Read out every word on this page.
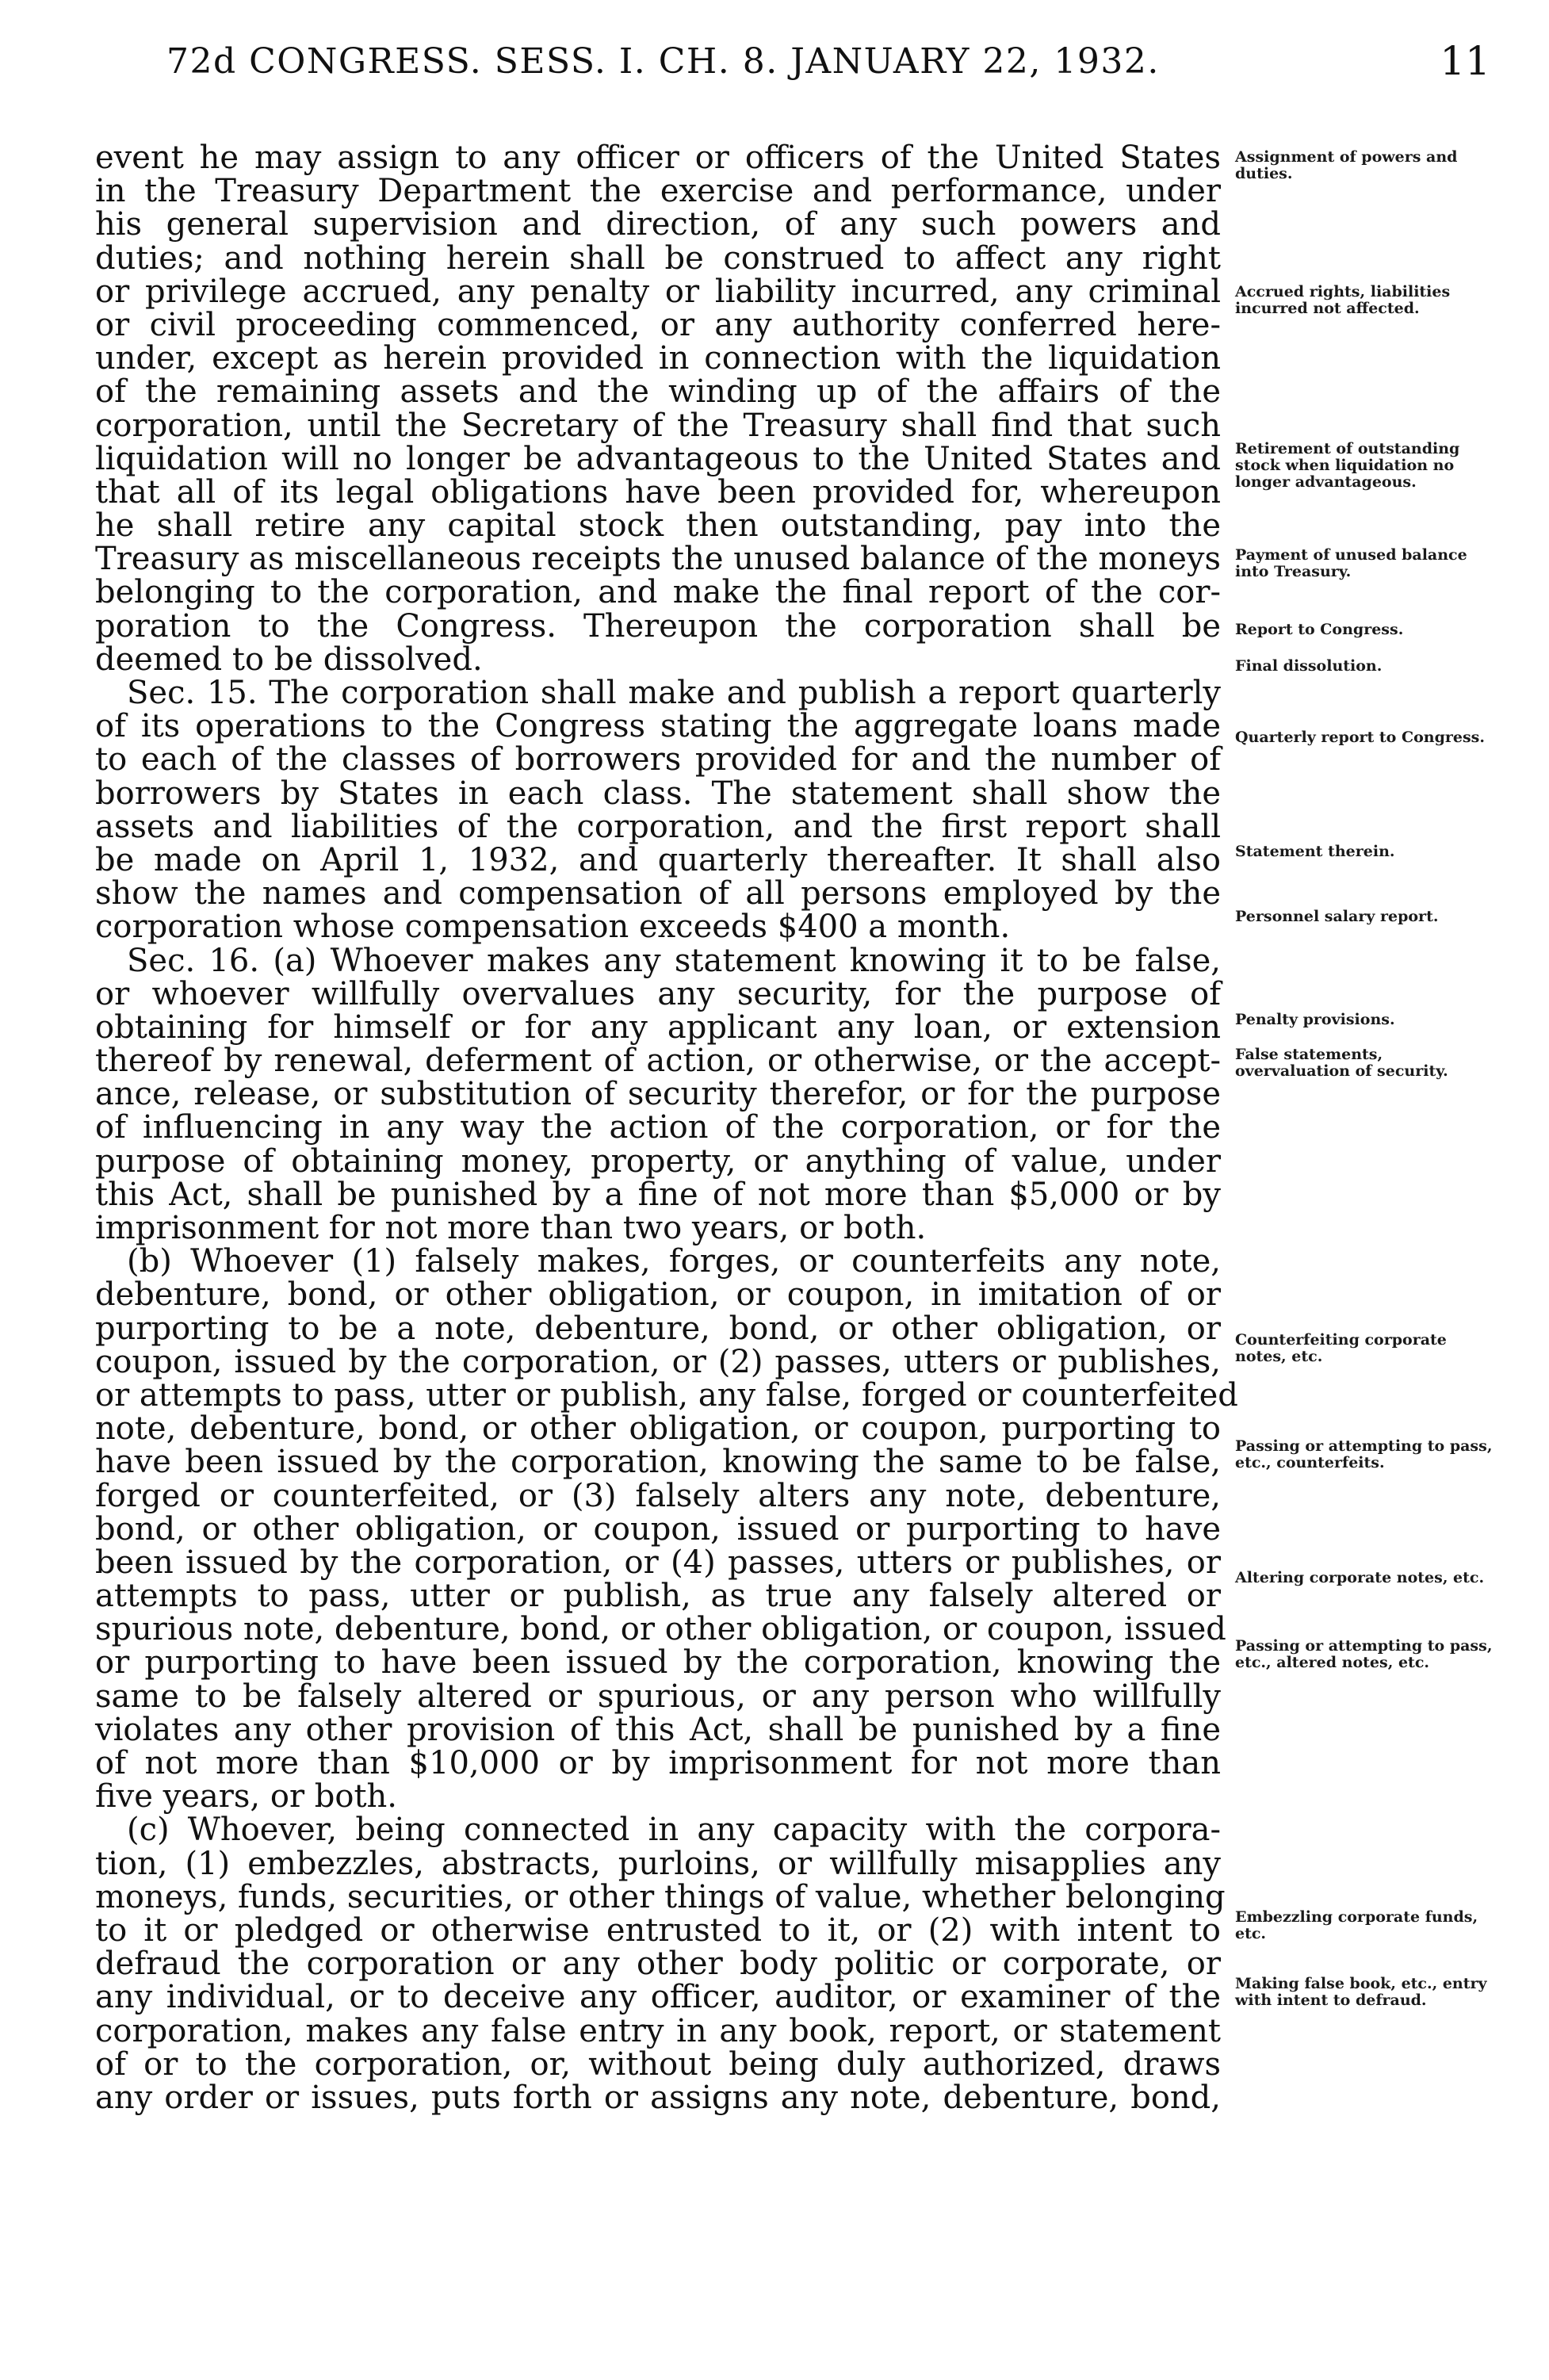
72d CONGRESS. SESS. I. CH. 8. JANUARY 22, 1932.	11
event he may assign to any officer or officers of the United States
in the Treasury Department the exercise and performance, under
his general supervision and direction, of any such powers and
duties; and nothing herein shall be construed to affect any right
or privilege accrued, any penalty or liability incurred, any criminal
or civil proceeding commenced, or any authority conferred here-
under, except as herein provided in connection with the liquidation
of the remaining assets and the winding up of the affairs of the
corporation, until the Secretary of the Treasury shall find that such
liquidation will no longer be advantageous to the United States and
that all of its legal obligations have been provided for, whereupon
he shall retire any capital stock then outstanding, pay into the
Treasury as miscellaneous receipts the unused balance of the moneys
belonging to the corporation, and make the final report of the cor-
poration to the Congress. Thereupon the corporation shall be
deemed to be dissolved.
Sec. 15. The corporation shall make and publish a report quarterly
of its operations to the Congress stating the aggregate loans made
to each of the classes of borrowers provided for and the number of
borrowers by States in each class. The statement shall show the
assets and liabilities of the corporation, and the first report shall
be made on April 1, 1932, and quarterly thereafter. It shall also
show the names and compensation of all persons employed by the
corporation whose compensation exceeds $400 a month.
Sec. 16. (a) Whoever makes any statement knowing it to be false,
or whoever willfully overvalues any security, for the purpose of
obtaining for himself or for any applicant any loan, or extension
thereof by renewal, deferment of action, or otherwise, or the accept-
ance, release, or substitution of security therefor, or for the purpose
of influencing in any way the action of the corporation, or for the
purpose of obtaining money, property, or anything of value, under
this Act, shall be punished by a fine of not more than $5,000 or by
imprisonment for not more than two years, or both.
(b) Whoever (1) falsely makes, forges, or counterfeits any note,
debenture, bond, or other obligation, or coupon, in imitation of or
purporting to be a note, debenture, bond, or other obligation, or
coupon, issued by the corporation, or (2) passes, utters or publishes,
or attempts to pass, utter or publish, any false, forged or counterfeited
note, debenture, bond, or other obligation, or coupon, purporting to
have been issued by the corporation, knowing the same to be false,
forged or counterfeited, or (3) falsely alters any note, debenture,
bond, or other obligation, or coupon, issued or purporting to have
been issued by the corporation, or (4) passes, utters or publishes, or
attempts to pass, utter or publish, as true any falsely altered or
spurious note, debenture, bond, or other obligation, or coupon, issued
or purporting to have been issued by the corporation, knowing the
same to be falsely altered or spurious, or any person who willfully
violates any other provision of this Act, shall be punished by a fine
of not more than $10,000 or by imprisonment for not more than
five years, or both.
(c) Whoever, being connected in any capacity with the corpora-
tion, (1) embezzles, abstracts, purloins, or willfully misapplies any
moneys, funds, securities, or other things of value, whether belonging
to it or pledged or otherwise entrusted to it, or (2) with intent to
defraud the corporation or any other body politic or corporate, or
any individual, or to deceive any officer, auditor, or examiner of the
corporation, makes any false entry in any book, report, or statement
of or to the corporation, or, without being duly authorized, draws
any order or issues, puts forth or assigns any note, debenture, bond,
Assignment of powers and duties.
Accrued rights, liabilities incurred not affected.
Retirement of outstanding stock when liquidation no longer advantageous.
Payment of unused balance into Treasury.
Report to Congress.
Final dissolution.
Quarterly report to Congress.
Statement therein.
Personnel salary report.
Penalty provisions.
False statements, overvaluation of security.
Counterfeiting corporate notes, etc.
Passing or attempting to pass, etc., counterfeits.
Altering corporate notes, etc.
Passing or attempting to pass, etc., altered notes, etc.
Embezzling corporate funds, etc.
Making false book, etc., entry with intent to defraud.
